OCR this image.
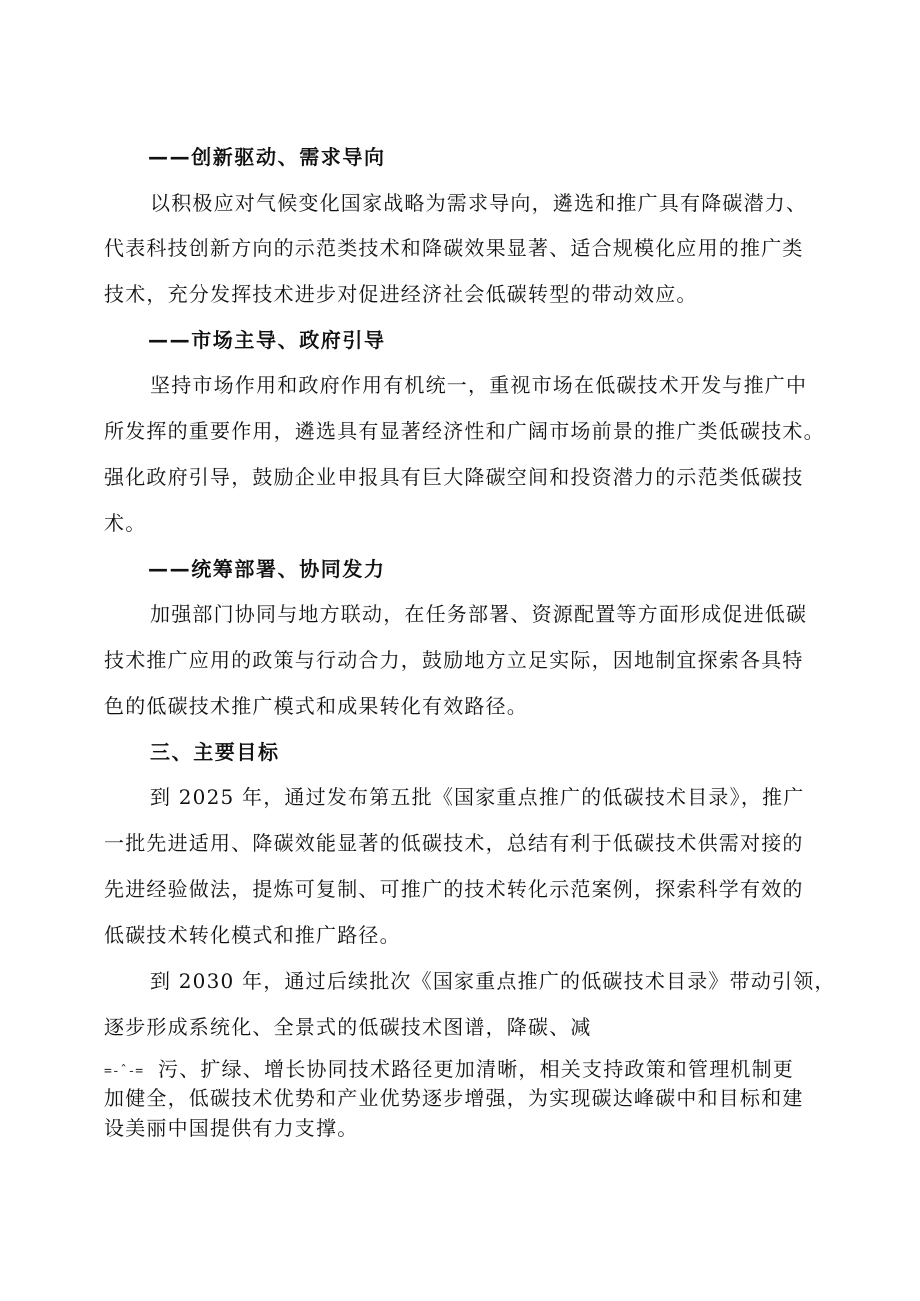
——创新驱动、需求导向
以积极应对气候变化国家战略为需求导向，遴选和推广具有降碳潜力、
代表科技创新方向的示范类技术和降碳效果显著、适合规模化应用的推广类
技术，充分发挥技术进步对促进经济社会低碳转型的带动效应。
——市场主导、政府引导
坚持市场作用和政府作用有机统一，重视市场在低碳技术开发与推广中
所发挥的重要作用，遴选具有显著经济性和广阔市场前景的推广类低碳技术。
强化政府引导，鼓励企业申报具有巨大降碳空间和投资潜力的示范类低碳技
术。
——统筹部署、协同发力
加强部门协同与地方联动，在任务部署、资源配置等方面形成促进低碳
技术推广应用的政策与行动合力，鼓励地方立足实际，因地制宜探索各具特
色的低碳技术推广模式和成果转化有效路径。
三、主要目标
到 2025 年，通过发布第五批《国家重点推广的低碳技术目录》，推广
一批先进适用、降碳效能显著的低碳技术，总结有利于低碳技术供需对接的
先进经验做法，提炼可复制、可推广的技术转化示范案例，探索科学有效的
低碳技术转化模式和推广路径。
到 2030 年，通过后续批次《国家重点推广的低碳技术目录》带动引领，
逐步形成系统化、全景式的低碳技术图谱，降碳、减
=-ˆ-= 污、扩绿、增长协同技术路径更加清晰，相关支持政策和管理机制更
加健全，低碳技术优势和产业优势逐步增强，为实现碳达峰碳中和目标和建
设美丽中国提供有力支撑。
